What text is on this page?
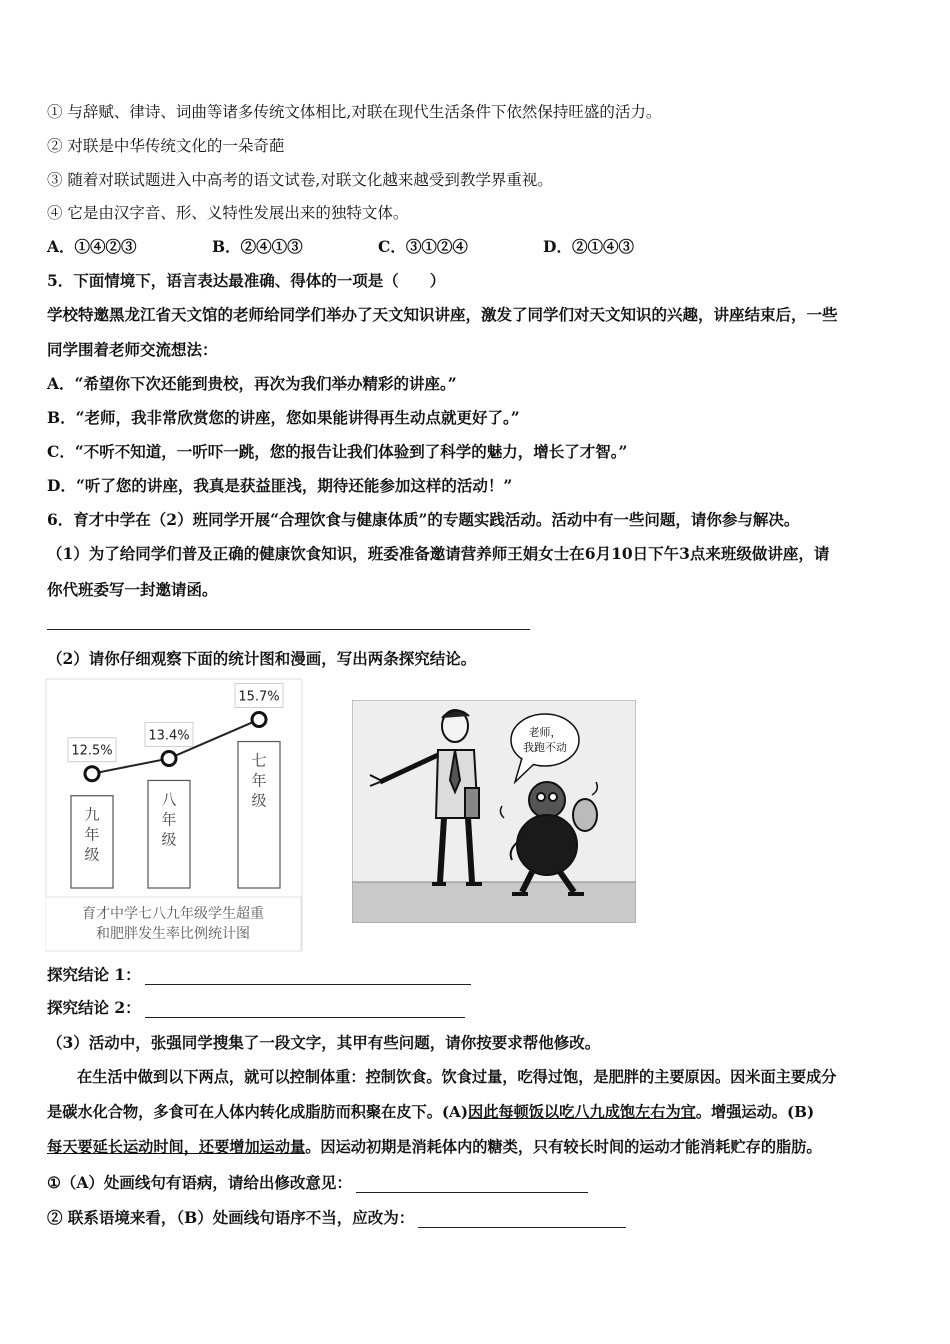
① 与辞赋、律诗、词曲等诸多传统文体相比,对联在现代生活条件下依然保持旺盛的活力。
② 对联是中华传统文化的一朵奇葩
③ 随着对联试题进入中高考的语文试卷,对联文化越来越受到教学界重视。
④ 它是由汉字音、形、义特性发展出来的独特文体。
A．①④②③	B．②④①③	C．③①②④	D．②①④③
5．下面情境下，语言表达最准确、得体的一项是（　　）
学校特邀黑龙江省天文馆的老师给同学们举办了天文知识讲座，激发了同学们对天文知识的兴趣，讲座结束后，一些
同学围着老师交流想法：
A．“希望你下次还能到贵校，再次为我们举办精彩的讲座。”
B．“老师，我非常欣赏您的讲座，您如果能讲得再生动点就更好了。”
C．“不听不知道，一听吓一跳，您的报告让我们体验到了科学的魅力，增长了才智。”
D．“听了您的讲座，我真是获益匪浅，期待还能参加这样的活动！”
6．育才中学在（2）班同学开展“合理饮食与健康体质”的专题实践活动。活动中有一些问题，请你参与解决。
（1）为了给同学们普及正确的健康饮食知识，班委准备邀请营养师王娟女士在6月10日下午3点来班级做讲座，请
你代班委写一封邀请函。
（2）请你仔细观察下面的统计图和漫画，写出两条探究结论。
九
年
级
八
年
级
七
年
级
12.5%
13.4%
15.7%
育才中学七八九年级学生超重
和肥胖发生率比例统计图
老师，
我跑不动
探究结论 1：
探究结论 2：
（3）活动中，张强同学搜集了一段文字，其甲有些问题，请你按要求帮他修改。
在生活中做到以下两点，就可以控制体重：控制饮食。饮食过量，吃得过饱，是肥胖的主要原因。因米面主要成分
是碳水化合物，多食可在人体内转化成脂肪而积聚在皮下。(A)因此每顿饭以吃八九成饱左右为宜。增强运动。(B)
每天要延长运动时间，还要增加运动量。因运动初期是消耗体内的糖类，只有较长时间的运动才能消耗贮存的脂肪。
①（A）处画线句有语病，请给出修改意见：
② 联系语境来看，（B）处画线句语序不当，应改为：
